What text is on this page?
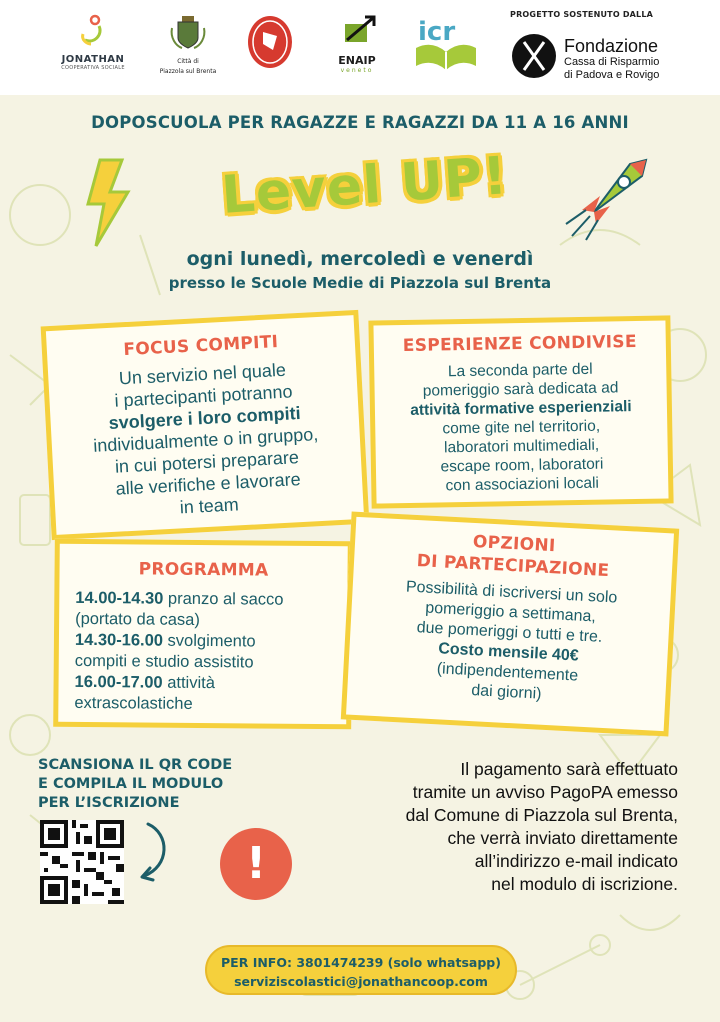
JONATHAN
COOPERATIVA SOCIALE
Città di
Piazzola sul Brenta
ENAIP
veneto
icr
PROGETTO SOSTENUTO DALLA
Fondazione
Cassa di Risparmio
di Padova e Rovigo
DOPOSCUOLA PER RAGAZZE E RAGAZZI DA 11 A 16 ANNI
Level UP!
ogni lunedì, mercoledì e venerdì
presso le Scuole Medie di Piazzola sul Brenta
FOCUS COMPITI

Un servizio nel quale
i partecipanti potranno
svolgere i loro compiti
individualmente o in gruppo,
in cui potersi preparare
alle verifiche e lavorare
in team

ESPERIENZE CONDIVISE

La seconda parte del
pomeriggio sarà dedicata ad
attività formative esperienziali
come gite nel territorio,
laboratori multimediali,
escape room, laboratori
con associazioni locali

PROGRAMMA

14.00-14.30 pranzo al sacco
(portato da casa)
14.30-16.00 svolgimento
compiti e studio assistito
16.00-17.00 attività
extrascolastiche

OPZIONI
DI PARTECIPAZIONE

Possibilità di iscriversi un solo
pomeriggio a settimana,
due pomeriggi o tutti e tre.
Costo mensile 40€
(indipendentemente
dai giorni)

SCANSIONA IL QR CODE
E COMPILA IL MODULO
PER L’ISCRIZIONE
!
Il pagamento sarà effettuato
tramite un avviso PagoPA emesso
dal Comune di Piazzola sul Brenta,
che verrà inviato direttamente
all’indirizzo e-mail indicato
nel modulo di iscrizione.
PER INFO: 3801474239 (solo whatsapp)
serviziscolastici@jonathancoop.com
